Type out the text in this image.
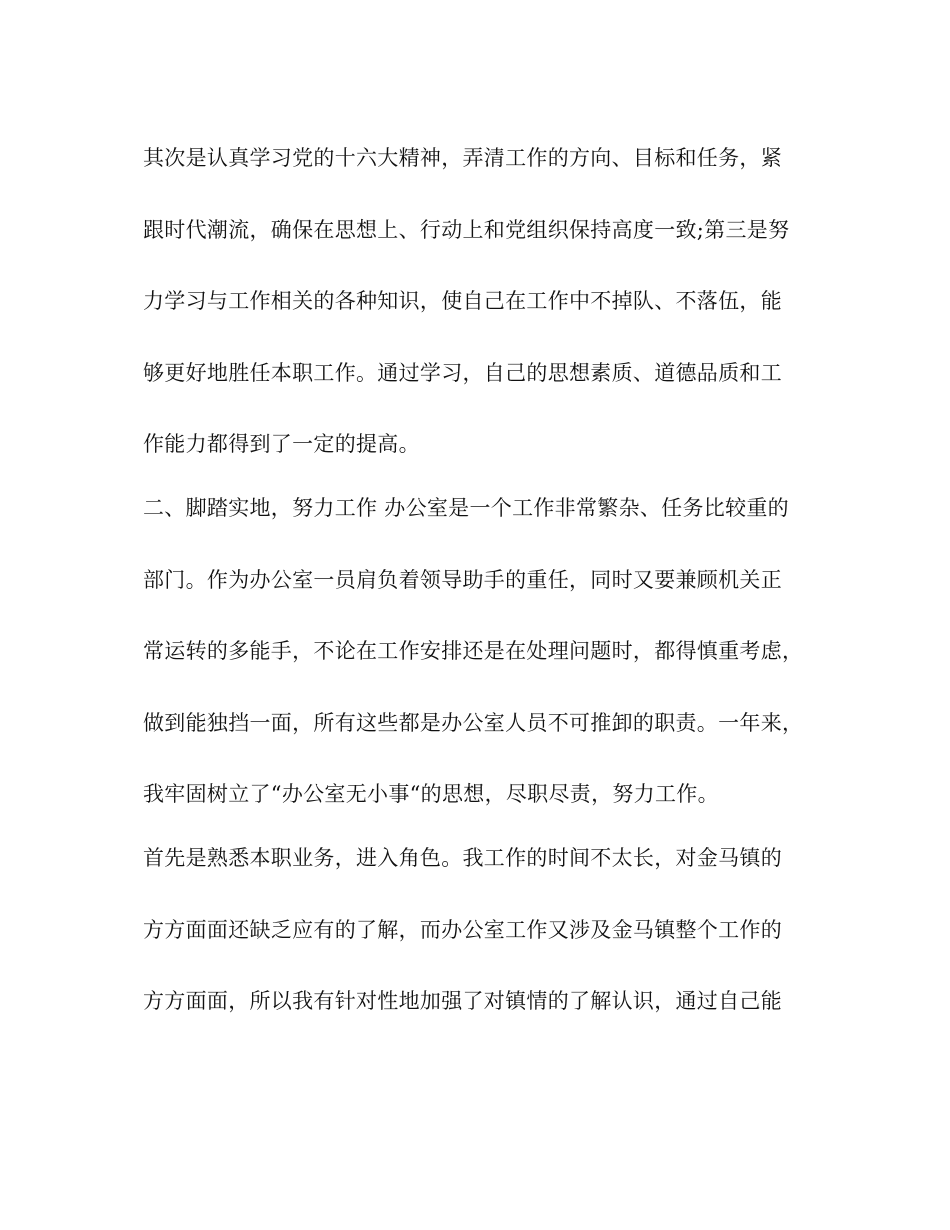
其次是认真学习党的十六大精神，弄清工作的方向、目标和任务，紧
跟时代潮流，确保在思想上、行动上和党组织保持高度一致;第三是努
力学习与工作相关的各种知识，使自己在工作中不掉队、不落伍，能
够更好地胜任本职工作。通过学习，自己的思想素质、道德品质和工
作能力都得到了一定的提高。
二、脚踏实地，努力工作 办公室是一个工作非常繁杂、任务比较重的
部门。作为办公室一员肩负着领导助手的重任，同时又要兼顾机关正
常运转的多能手，不论在工作安排还是在处理问题时，都得慎重考虑，
做到能独挡一面，所有这些都是办公室人员不可推卸的职责。一年来，
我牢固树立了“办公室无小事“的思想，尽职尽责，努力工作。
首先是熟悉本职业务，进入角色。我工作的时间不太长，对金马镇的
方方面面还缺乏应有的了解，而办公室工作又涉及金马镇整个工作的
方方面面，所以我有针对性地加强了对镇情的了解认识，通过自己能
